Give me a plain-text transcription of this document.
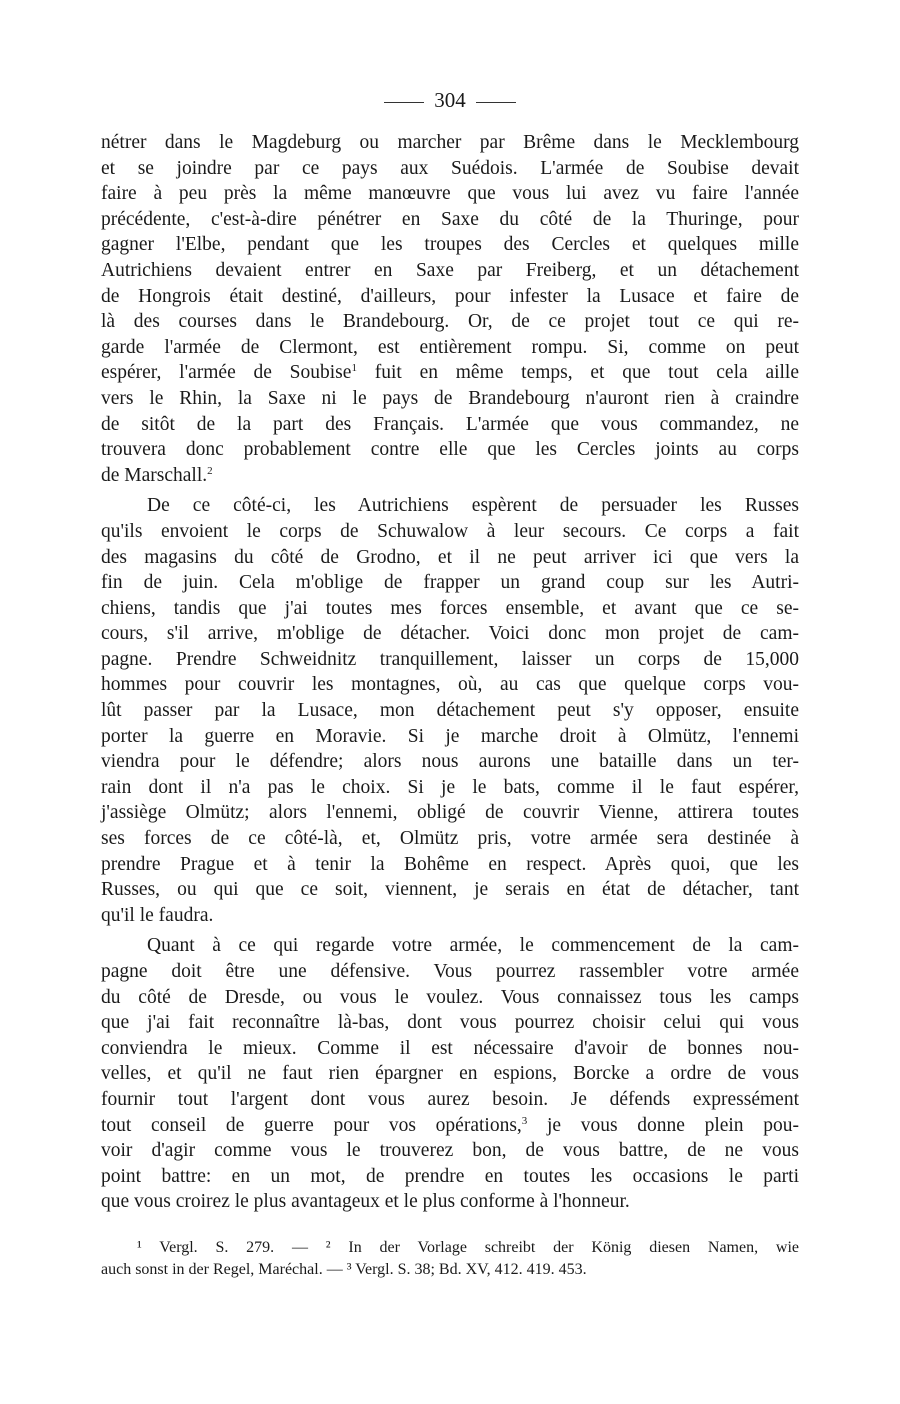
304
nétrer dans le Magdeburg ou marcher par Brême dans le Mecklembourg
et se joindre par ce pays aux Suédois. L'armée de Soubise devait
faire à peu près la même manœuvre que vous lui avez vu faire l'année
précédente, c'est-à-dire pénétrer en Saxe du côté de la Thuringe, pour
gagner l'Elbe, pendant que les troupes des Cercles et quelques mille
Autrichiens devaient entrer en Saxe par Freiberg, et un détachement
de Hongrois était destiné, d'ailleurs, pour infester la Lusace et faire de
là des courses dans le Brandebourg. Or, de ce projet tout ce qui re-
garde l'armée de Clermont, est entièrement rompu. Si, comme on peut
espérer, l'armée de Soubise$^1$ fuit en même temps, et que tout cela aille
vers le Rhin, la Saxe ni le pays de Brandebourg n'auront rien à craindre
de sitôt de la part des Français. L'armée que vous commandez, ne
trouvera donc probablement contre elle que les Cercles joints au corps
de Marschall.$^2$
De ce côté-ci, les Autrichiens espèrent de persuader les Russes
qu'ils envoient le corps de Schuwalow à leur secours. Ce corps a fait
des magasins du côté de Grodno, et il ne peut arriver ici que vers la
fin de juin. Cela m'oblige de frapper un grand coup sur les Autri-
chiens, tandis que j'ai toutes mes forces ensemble, et avant que ce se-
cours, s'il arrive, m'oblige de détacher. Voici donc mon projet de cam-
pagne. Prendre Schweidnitz tranquillement, laisser un corps de 15,000
hommes pour couvrir les montagnes, où, au cas que quelque corps vou-
lût passer par la Lusace, mon détachement peut s'y opposer, ensuite
porter la guerre en Moravie. Si je marche droit à Olmütz, l'ennemi
viendra pour le défendre; alors nous aurons une bataille dans un ter-
rain dont il n'a pas le choix. Si je le bats, comme il le faut espérer,
j'assiège Olmütz; alors l'ennemi, obligé de couvrir Vienne, attirera toutes
ses forces de ce côté-là, et, Olmütz pris, votre armée sera destinée à
prendre Prague et à tenir la Bohême en respect. Après quoi, que les
Russes, ou qui que ce soit, viennent, je serais en état de détacher, tant
qu'il le faudra.
Quant à ce qui regarde votre armée, le commencement de la cam-
pagne doit être une défensive. Vous pourrez rassembler votre armée
du côté de Dresde, ou vous le voulez. Vous connaissez tous les camps
que j'ai fait reconnaître là-bas, dont vous pourrez choisir celui qui vous
conviendra le mieux. Comme il est nécessaire d'avoir de bonnes nou-
velles, et qu'il ne faut rien épargner en espions, Borcke a ordre de vous
fournir tout l'argent dont vous aurez besoin. Je défends expressément
tout conseil de guerre pour vos opérations,$^3$ je vous donne plein pou-
voir d'agir comme vous le trouverez bon, de vous battre, de ne vous
point battre: en un mot, de prendre en toutes les occasions le parti
que vous croirez le plus avantageux et le plus conforme à l'honneur.
¹ Vergl. S. 279. — ² In der Vorlage schreibt der König diesen Namen, wie
auch sonst in der Regel, Maréchal. — ³ Vergl. S. 38; Bd. XV, 412. 419. 453.
